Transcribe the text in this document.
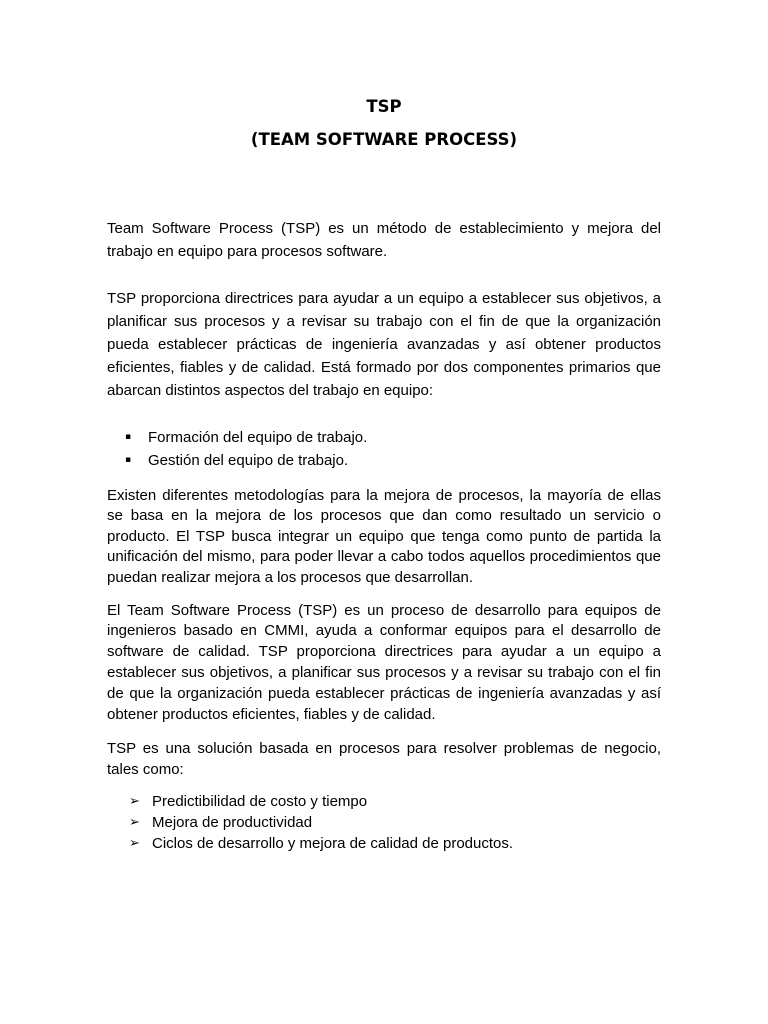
TSP
(TEAM SOFTWARE PROCESS)
Team Software Process (TSP) es un método de establecimiento y mejora del
trabajo en equipo para procesos software.
TSP proporciona directrices para ayudar a un equipo a establecer sus objetivos, a
planificar sus procesos y a revisar su trabajo con el fin de que la organización
pueda establecer prácticas de ingeniería avanzadas y así obtener productos
eficientes, fiables y de calidad. Está formado por dos componentes primarios que
abarcan distintos aspectos del trabajo en equipo:
▪ Formación del equipo de trabajo.
▪ Gestión del equipo de trabajo.
Existen diferentes metodologías para la mejora de procesos, la mayoría de ellas
se basa en la mejora de los procesos que dan como resultado un servicio o
producto. El TSP busca integrar un equipo que tenga como punto de partida la
unificación del mismo, para poder llevar a cabo todos aquellos procedimientos que
puedan realizar mejora a los procesos que desarrollan.
El Team Software Process (TSP) es un proceso de desarrollo para equipos de
ingenieros basado en CMMI, ayuda a conformar equipos para el desarrollo de
software de calidad. TSP proporciona directrices para ayudar a un equipo a
establecer sus objetivos, a planificar sus procesos y a revisar su trabajo con el fin
de que la organización pueda establecer prácticas de ingeniería avanzadas y así
obtener productos eficientes, fiables y de calidad.
TSP es una solución basada en procesos para resolver problemas de negocio,
tales como:
➢ Predictibilidad de costo y tiempo
➢ Mejora de productividad
➢ Ciclos de desarrollo y mejora de calidad de productos.
